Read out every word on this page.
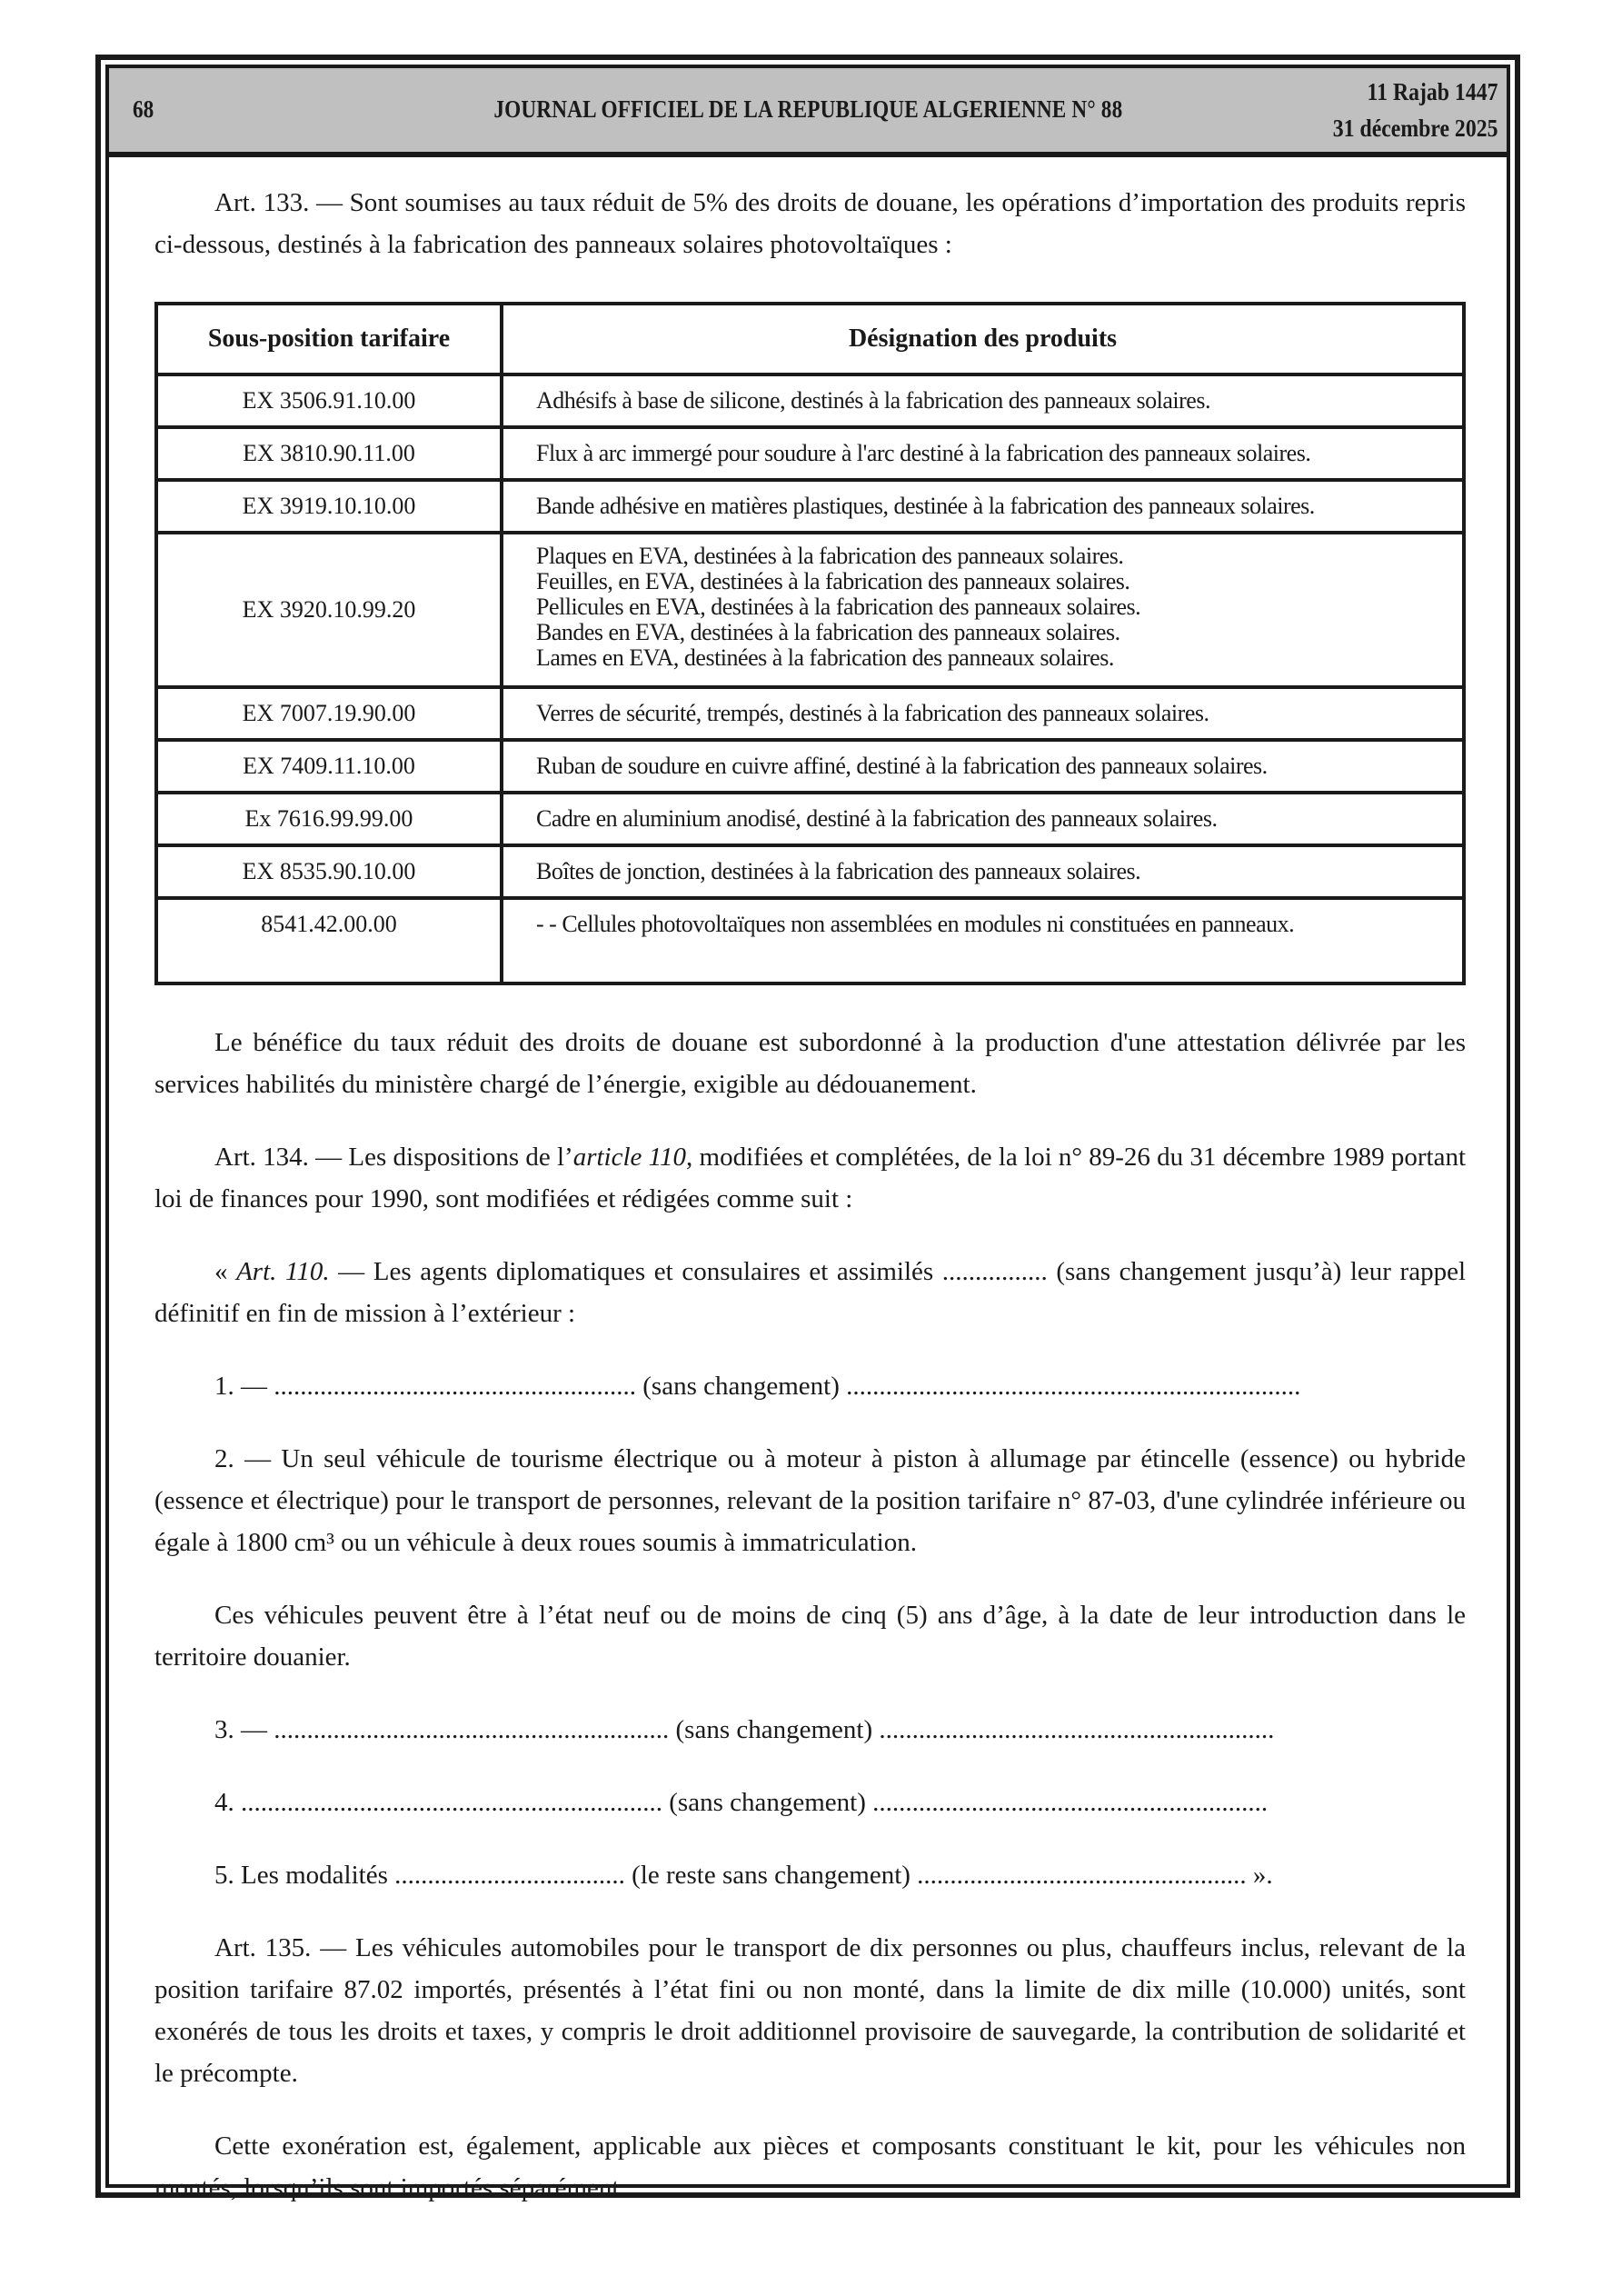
68	JOURNAL OFFICIEL DE LA REPUBLIQUE ALGERIENNE N° 88
11 Rajab 1447
31 décembre 2025

Art. 133. — Sont soumises au taux réduit de 5% des droits de douane, les opérations d’importation des produits repris ci-dessous, destinés à la fabrication des panneaux solaires photovoltaïques :

Sous-position tarifaire	Désignation des produits
EX 3506.91.10.00	Adhésifs à base de silicone, destinés à la fabrication des panneaux solaires.

EX 3810.90.11.00	Flux à arc immergé pour soudure à l'arc destiné à la fabrication des panneaux solaires.

EX 3919.10.10.00	Bande adhésive en matières plastiques, destinée à la fabrication des panneaux solaires.

EX 3920.10.99.20	Plaques en EVA, destinées à la fabrication des panneaux solaires.
Feuilles, en EVA, destinées à la fabrication des panneaux solaires.
Pellicules en EVA, destinées à la fabrication des panneaux solaires.
Bandes en EVA, destinées à la fabrication des panneaux solaires.
Lames en EVA, destinées à la fabrication des panneaux solaires.

EX 7007.19.90.00	Verres de sécurité, trempés, destinés à la fabrication des panneaux solaires.

EX 7409.11.10.00	Ruban de soudure en cuivre affiné, destiné à la fabrication des panneaux solaires.

Ex 7616.99.99.00	Cadre en aluminium anodisé, destiné à la fabrication des panneaux solaires.

EX 8535.90.10.00	Boîtes de jonction, destinées à la fabrication des panneaux solaires.

8541.42.00.00	- - Cellules photovoltaïques non assemblées en modules ni constituées en panneaux.

Le bénéfice du taux réduit des droits de douane est subordonné à la production d'une attestation délivrée par les services habilités du ministère chargé de l’énergie, exigible au dédouanement.

Art. 134. — Les dispositions de l’article 110, modifiées et complétées, de la loi n° 89-26 du 31 décembre 1989 portant loi de finances pour 1990, sont modifiées et rédigées comme suit :

« Art. 110. — Les agents diplomatiques et consulaires et assimilés ................ (sans changement jusqu’à) leur rappel définitif en fin de mission à l’extérieur :

1. — ....................................................... (sans changement) .....................................................................

2. — Un seul véhicule de tourisme électrique ou à moteur à piston à allumage par étincelle (essence) ou hybride (essence et électrique) pour le transport de personnes, relevant de la position tarifaire n° 87-03, d'une cylindrée inférieure ou égale à 1800 cm³ ou un véhicule à deux roues soumis à immatriculation.

Ces véhicules peuvent être à l’état neuf ou de moins de cinq (5) ans d’âge, à la date de leur introduction dans le territoire douanier.

3. — ............................................................ (sans changement) ............................................................

4. ................................................................ (sans changement) ............................................................

5. Les modalités ................................... (le reste sans changement) .................................................. ».

Art. 135. — Les véhicules automobiles pour le transport de dix personnes ou plus, chauffeurs inclus, relevant de la position tarifaire 87.02 importés, présentés à l’état fini ou non monté, dans la limite de dix mille (10.000) unités, sont exonérés de tous les droits et taxes, y compris le droit additionnel provisoire de sauvegarde, la contribution de solidarité et le précompte.

Cette exonération est, également, applicable aux pièces et composants constituant le kit, pour les véhicules non montés, lorsqu’ils sont importés séparément.
